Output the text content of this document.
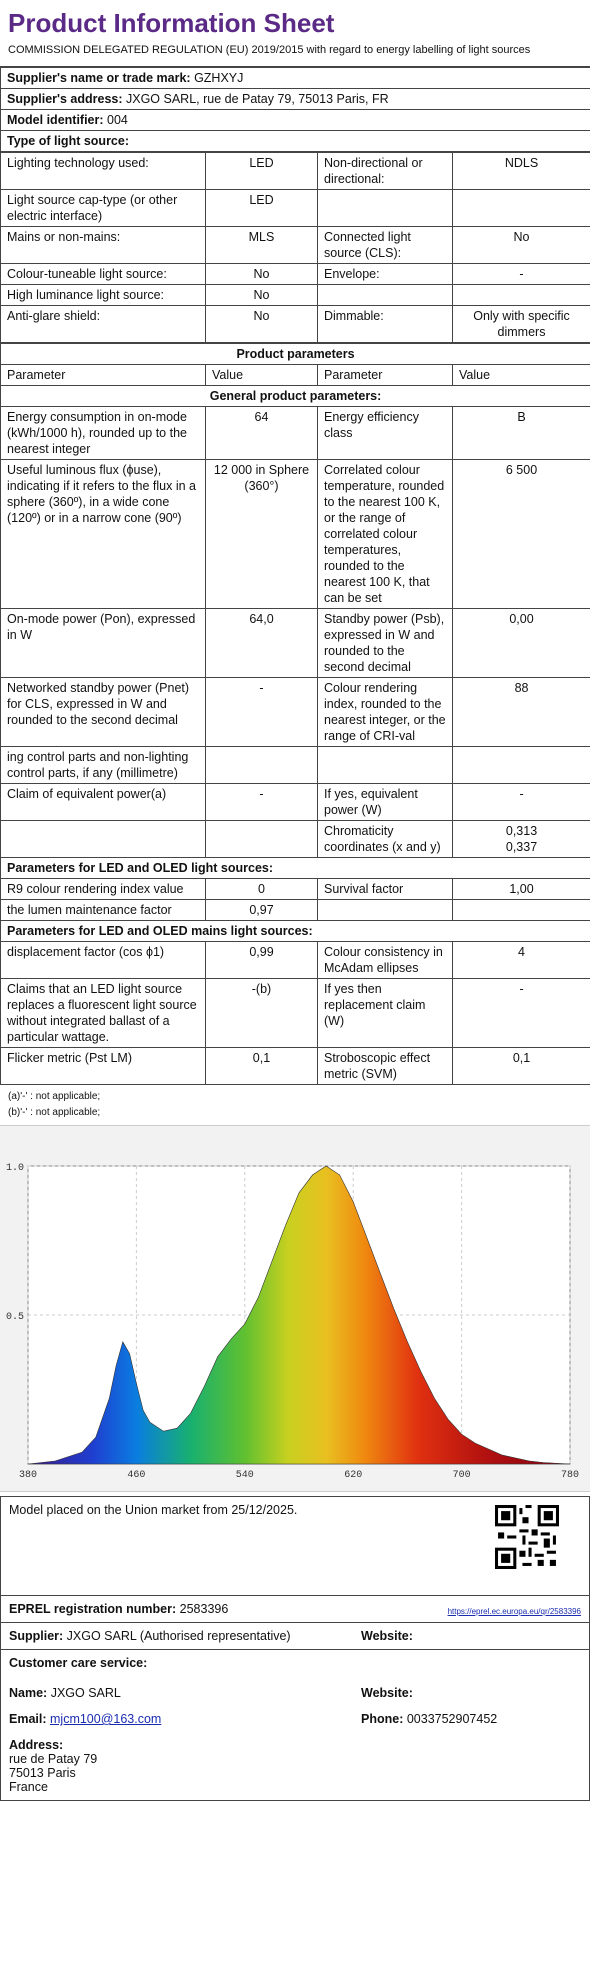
Product Information Sheet
COMMISSION DELEGATED REGULATION (EU) 2019/2015 with regard to energy labelling of light sources
Supplier's name or trade mark: GZHXYJ
Supplier's address: JXGO SARL, rue de Patay 79, 75013 Paris, FR
Model identifier: 004
Type of light source:
Lighting technology used:	LED	Non-directional or directional:	NDLS
Light source cap-type (or other electric interface)	LED		
Mains or non-mains:	MLS	Connected light source (CLS):	No
Colour-tuneable light source:	No	Envelope:	-
High luminance light source:	No		
Anti-glare shield:	No	Dimmable:	Only with specific dimmers
Product parameters			
Parameter	Value	Parameter	Value
General product parameters:			
Energy consumption in on-mode (kWh/1000 h), rounded up to the nearest integer	64	Energy efficiency class	B
Useful luminous flux (ϕuse), indicating if it refers to the flux in a sphere (360º), in a wide cone (120º) or in a narrow cone (90º)	12 000 in Sphere (360°)	Correlated colour temperature, rounded to the nearest 100 K, or the range of correlated colour temperatures, rounded to the nearest 100 K, that can be set	6 500
On-mode power (Pon), expressed in W	64,0	Standby power (Psb), expressed in W and rounded to the second decimal	0,00
Networked standby power (Pnet) for CLS, expressed in W and rounded to the second decimal	-	Colour rendering index, rounded to the nearest integer, or the range of CRI-val	88
ing control parts and non-lighting control parts, if any (millimetre)			
Claim of equivalent power(a)	-	If yes, equivalent power (W)	-
		Chromaticity coordinates (x and y)	0,313
0,337
Parameters for LED and OLED light sources:			
R9 colour rendering index value	0	Survival factor	1,00
the lumen maintenance factor	0,97		
Parameters for LED and OLED mains light sources:			
displacement factor (cos ϕ1)	0,99	Colour consistency in McAdam ellipses	4
Claims that an LED light source replaces a fluorescent light source without integrated ballast of a particular wattage.	-(b)	If yes then replacement claim (W)	-
Flicker metric (Pst LM)	0,1	Stroboscopic effect metric (SVM)	0,1
(a)'-' : not applicable;
(b)'-' : not applicable;
1.0
0.5
380	460	540	620	700	780
Model placed on the Union market from 25/12/2025.
EPREL registration number: 2583396	https://eprel.ec.europa.eu/qr/2583396
Supplier: JXGO SARL (Authorised representative)	Website:
Customer care service:
Name: JXGO SARL	Website:
Email: mjcm100@163.com	Phone: 0033752907452
Address:
rue de Patay 79
75013 Paris
France
